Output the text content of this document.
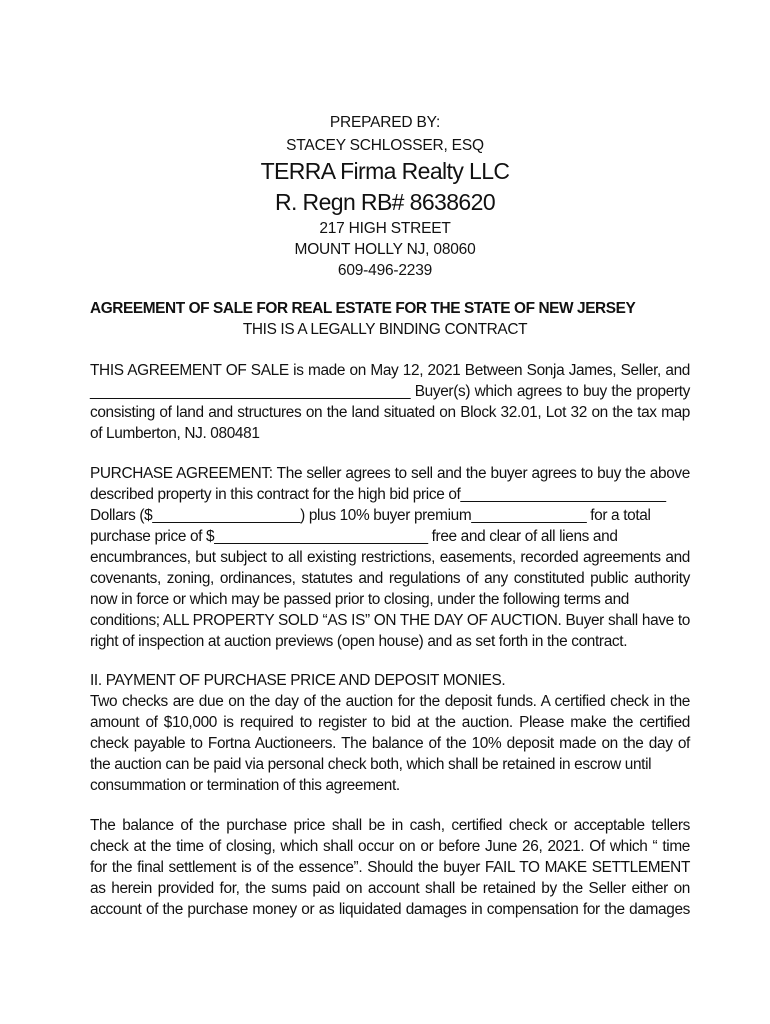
PREPARED BY:
STACEY SCHLOSSER, ESQ
TERRA Firma Realty LLC
R. Regn RB# 8638620
217 HIGH STREET
MOUNT HOLLY NJ, 08060
609-496-2239
AGREEMENT OF SALE FOR REAL ESTATE FOR THE STATE OF NEW JERSEY
THIS IS A LEGALLY BINDING CONTRACT
THIS AGREEMENT OF SALE is made on May 12, 2021 Between Sonja James, Seller, and
_______________________________________ Buyer(s) which agrees to buy the property
consisting of land and structures on the land situated on Block 32.01, Lot 32 on the tax map
of Lumberton, NJ. 080481
PURCHASE AGREEMENT: The seller agrees to sell and the buyer agrees to buy the above
described property in this contract for the high bid price of_________________________
Dollars ($__________________) plus 10% buyer premium______________ for a total
purchase price of $__________________________ free and clear of all liens and
encumbrances, but subject to all existing restrictions, easements, recorded agreements and
covenants, zoning, ordinances, statutes and regulations of any constituted public authority
now in force or which may be passed prior to closing, under the following terms and
conditions; ALL PROPERTY SOLD “AS IS” ON THE DAY OF AUCTION. Buyer shall have to
right of inspection at auction previews (open house) and as set forth in the contract.
II. PAYMENT OF PURCHASE PRICE AND DEPOSIT MONIES.
Two checks are due on the day of the auction for the deposit funds. A certified check in the
amount of $10,000 is required to register to bid at the auction. Please make the certified
check payable to Fortna Auctioneers. The balance of the 10% deposit made on the day of
the auction can be paid via personal check both, which shall be retained in escrow until
consummation or termination of this agreement.
The balance of the purchase price shall be in cash, certified check or acceptable tellers
check at the time of closing, which shall occur on or before June 26, 2021. Of which “ time
for the final settlement is of the essence”. Should the buyer FAIL TO MAKE SETTLEMENT
as herein provided for, the sums paid on account shall be retained by the Seller either on
account of the purchase money or as liquidated damages in compensation for the damages
